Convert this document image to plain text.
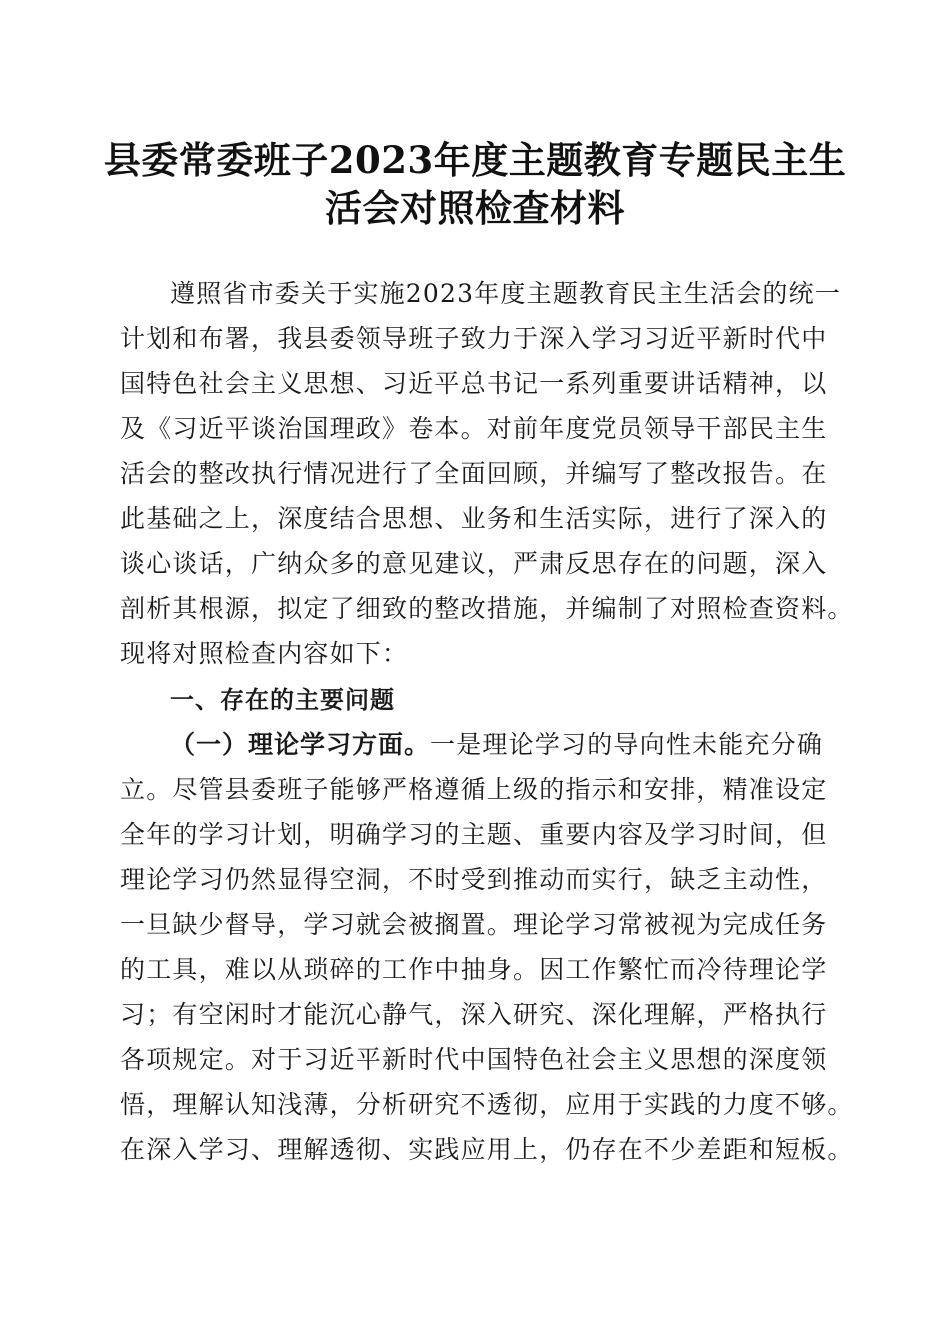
县委常委班子2023年度主题教育专题民主生
活会对照检查材料
遵照省市委关于实施2023年度主题教育民主生活会的统一
计划和布署，我县委领导班子致力于深入学习习近平新时代中
国特色社会主义思想、习近平总书记一系列重要讲话精神，以
及《习近平谈治国理政》卷本。对前年度党员领导干部民主生
活会的整改执行情况进行了全面回顾，并编写了整改报告。在
此基础之上，深度结合思想、业务和生活实际，进行了深入的
谈心谈话，广纳众多的意见建议，严肃反思存在的问题，深入
剖析其根源，拟定了细致的整改措施，并编制了对照检查资料。
现将对照检查内容如下：
一、存在的主要问题
（一）理论学习方面。一是理论学习的导向性未能充分确
立。尽管县委班子能够严格遵循上级的指示和安排，精准设定
全年的学习计划，明确学习的主题、重要内容及学习时间，但
理论学习仍然显得空洞，不时受到推动而实行，缺乏主动性，
一旦缺少督导，学习就会被搁置。理论学习常被视为完成任务
的工具，难以从琐碎的工作中抽身。因工作繁忙而冷待理论学
习；有空闲时才能沉心静气，深入研究、深化理解，严格执行
各项规定。对于习近平新时代中国特色社会主义思想的深度领
悟，理解认知浅薄，分析研究不透彻，应用于实践的力度不够。
在深入学习、理解透彻、实践应用上，仍存在不少差距和短板。
